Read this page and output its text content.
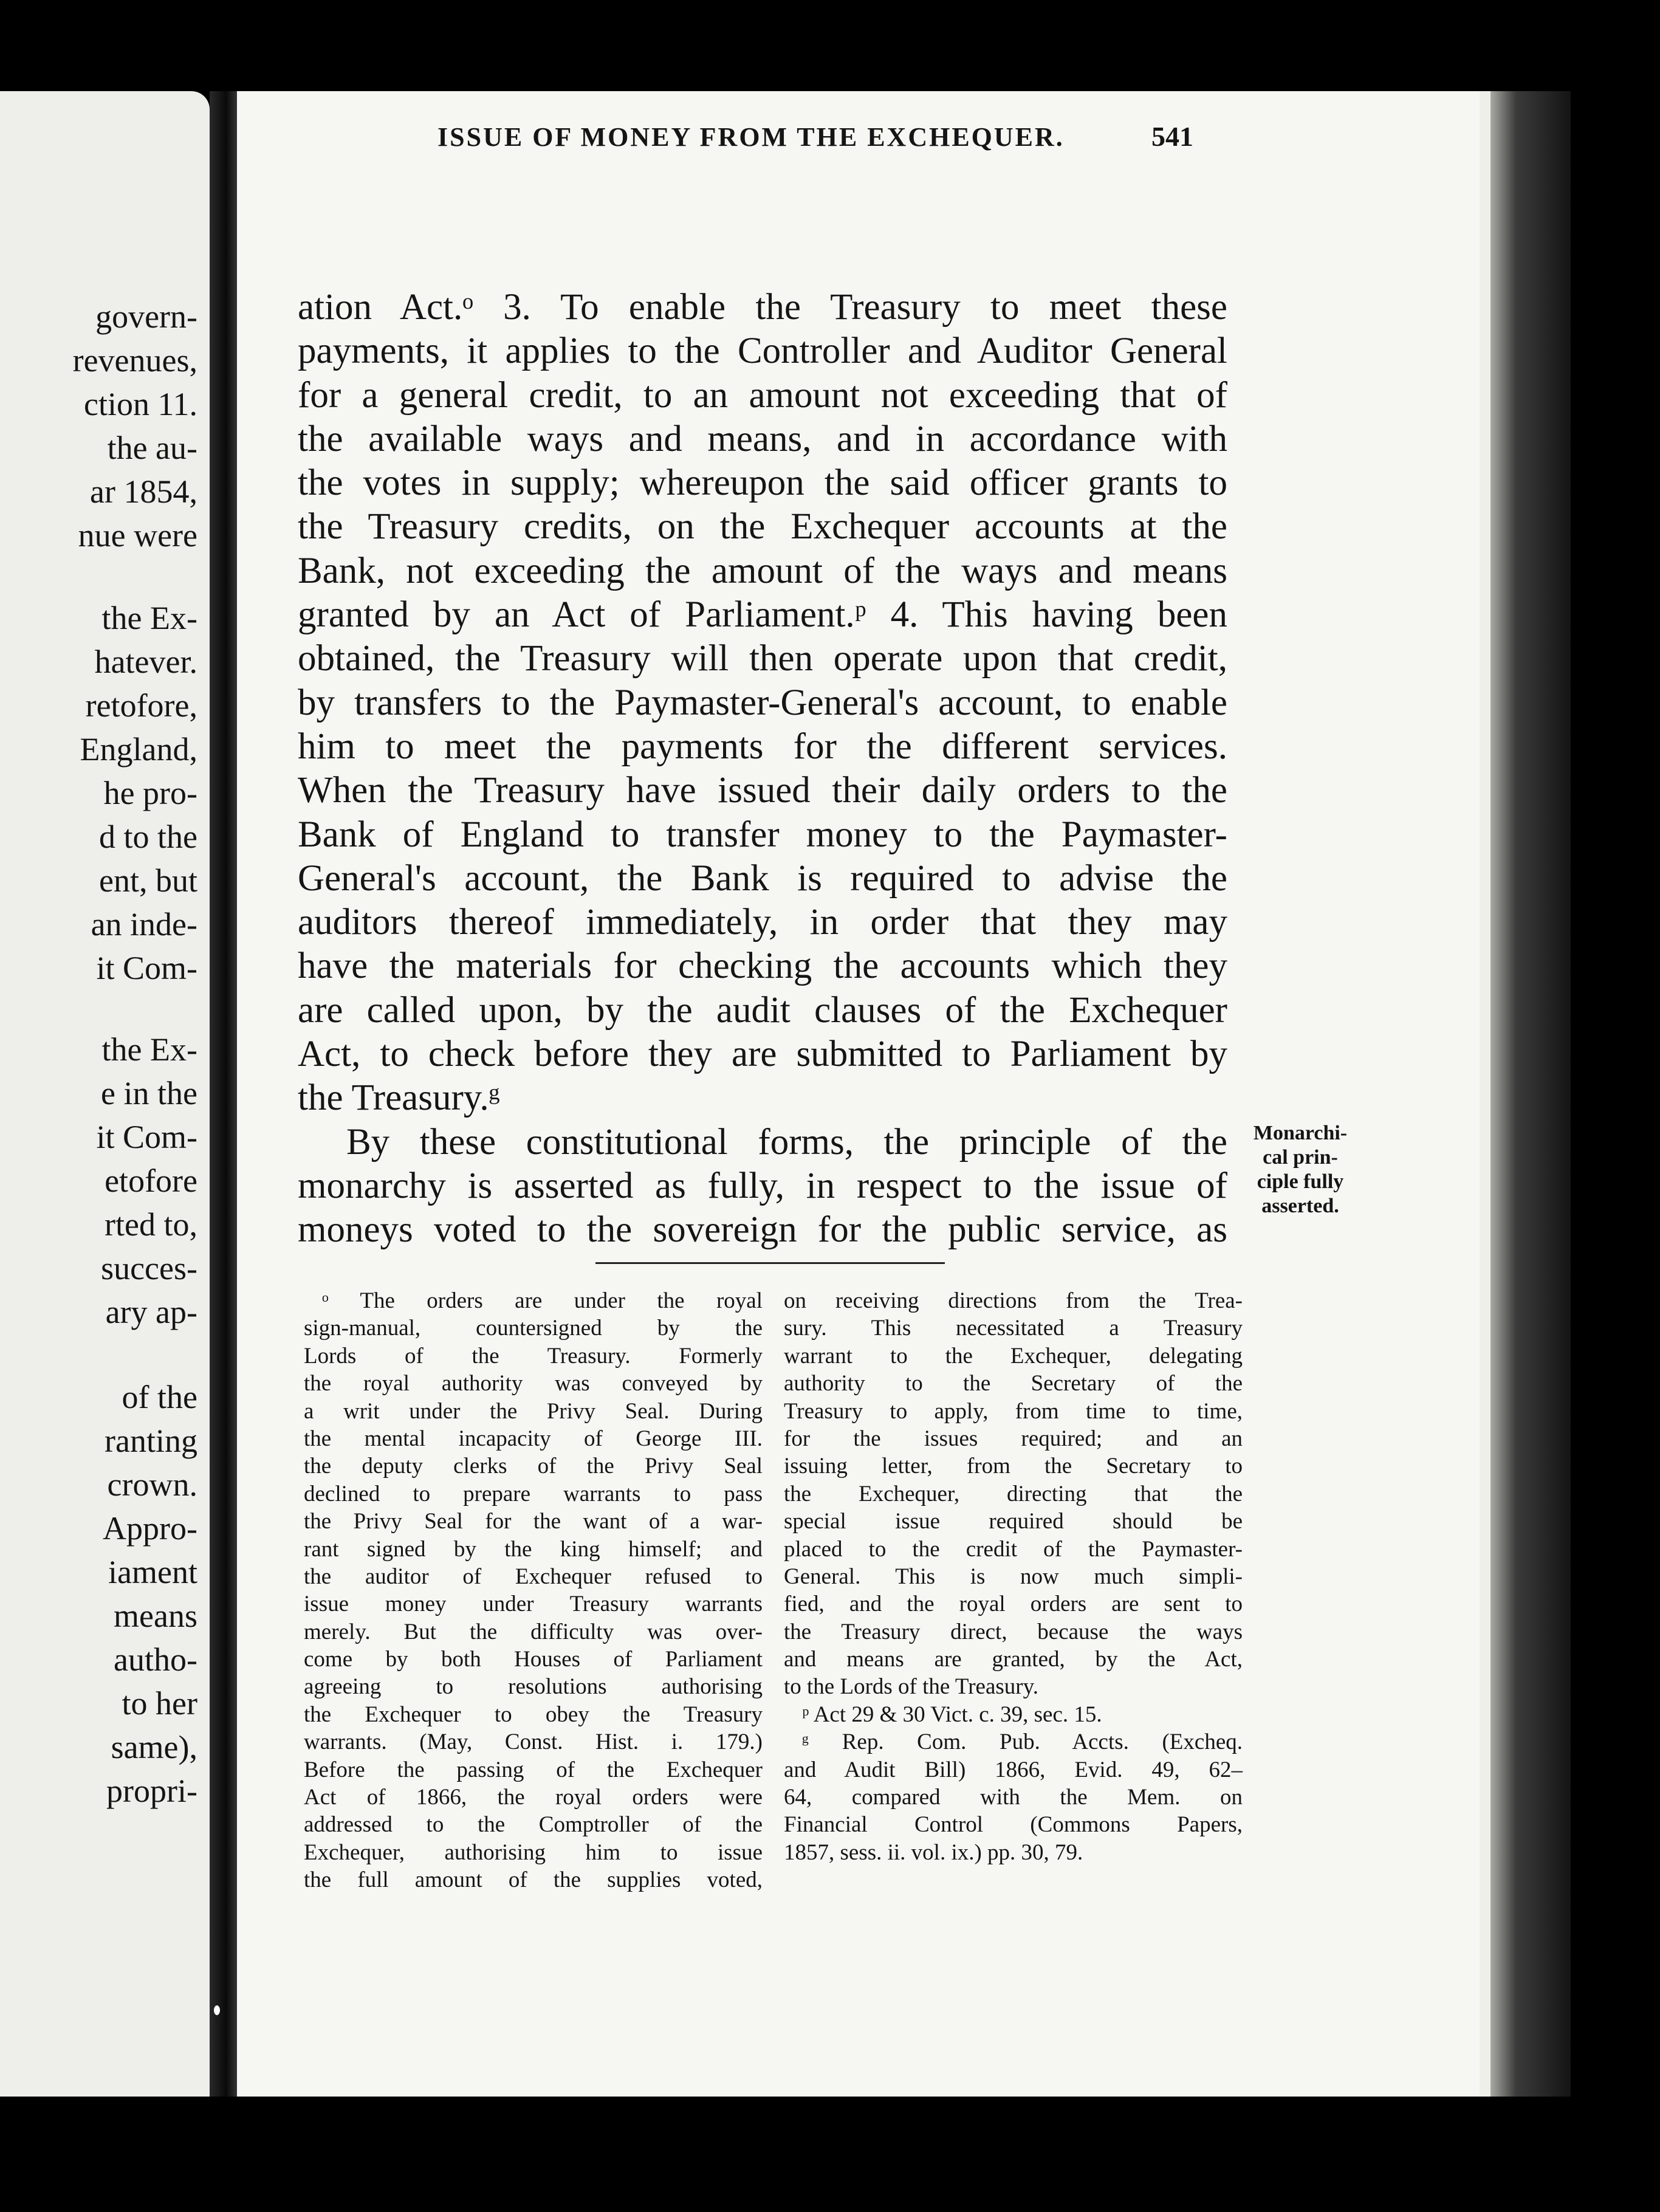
govern-
revenues,
ction 11.
the au-
ar 1854,
nue were
the Ex-
hatever.
retofore,
England,
he pro-
d to the
ent, but
an inde-
it Com-
the Ex-
e in the
it Com-
etofore
rted to,
succes-
ary ap-
of the
ranting
crown.
Appro-
iament
means
autho-
to her
same),
propri-
ISSUE OF MONEY FROM THE EXCHEQUER.	541
ation Act.ᵒ 3. To enable the Treasury to meet these
payments, it applies to the Controller and Auditor General
for a general credit, to an amount not exceeding that of
the available ways and means, and in accordance with
the votes in supply; whereupon the said officer grants to
the Treasury credits, on the Exchequer accounts at the
Bank, not exceeding the amount of the ways and means
granted by an Act of Parliament.ᵖ 4. This having been
obtained, the Treasury will then operate upon that credit,
by transfers to the Paymaster-General's account, to enable
him to meet the payments for the different services.
When the Treasury have issued their daily orders to the
Bank of England to transfer money to the Paymaster-
General's account, the Bank is required to advise the
auditors thereof immediately, in order that they may
have the materials for checking the accounts which they
are called upon, by the audit clauses of the Exchequer
Act, to check before they are submitted to Parliament by
the Treasury.ᵍ
By these constitutional forms, the principle of the
monarchy is asserted as fully, in respect to the issue of
moneys voted to the sovereign for the public service, as
Monarchi-
cal prin-
ciple fully
asserted.
ᵒ The orders are under the royal
sign-manual, countersigned by the
Lords of the Treasury. Formerly
the royal authority was conveyed by
a writ under the Privy Seal. During
the mental incapacity of George III.
the deputy clerks of the Privy Seal
declined to prepare warrants to pass
the Privy Seal for the want of a war-
rant signed by the king himself; and
the auditor of Exchequer refused to
issue money under Treasury warrants
merely. But the difficulty was over-
come by both Houses of Parliament
agreeing to resolutions authorising
the Exchequer to obey the Treasury
warrants. (May, Const. Hist. i. 179.)
Before the passing of the Exchequer
Act of 1866, the royal orders were
addressed to the Comptroller of the
Exchequer, authorising him to issue
the full amount of the supplies voted,
on receiving directions from the Trea-
sury. This necessitated a Treasury
warrant to the Exchequer, delegating
authority to the Secretary of the
Treasury to apply, from time to time,
for the issues required; and an
issuing letter, from the Secretary to
the Exchequer, directing that the
special issue required should be
placed to the credit of the Paymaster-
General. This is now much simpli-
fied, and the royal orders are sent to
the Treasury direct, because the ways
and means are granted, by the Act,
to the Lords of the Treasury.
ᵖ Act 29 & 30 Vict. c. 39, sec. 15.
ᵍ Rep. Com. Pub. Accts. (Excheq.
and Audit Bill) 1866, Evid. 49, 62–
64, compared with the Mem. on
Financial Control (Commons Papers,
1857, sess. ii. vol. ix.) pp. 30, 79.
